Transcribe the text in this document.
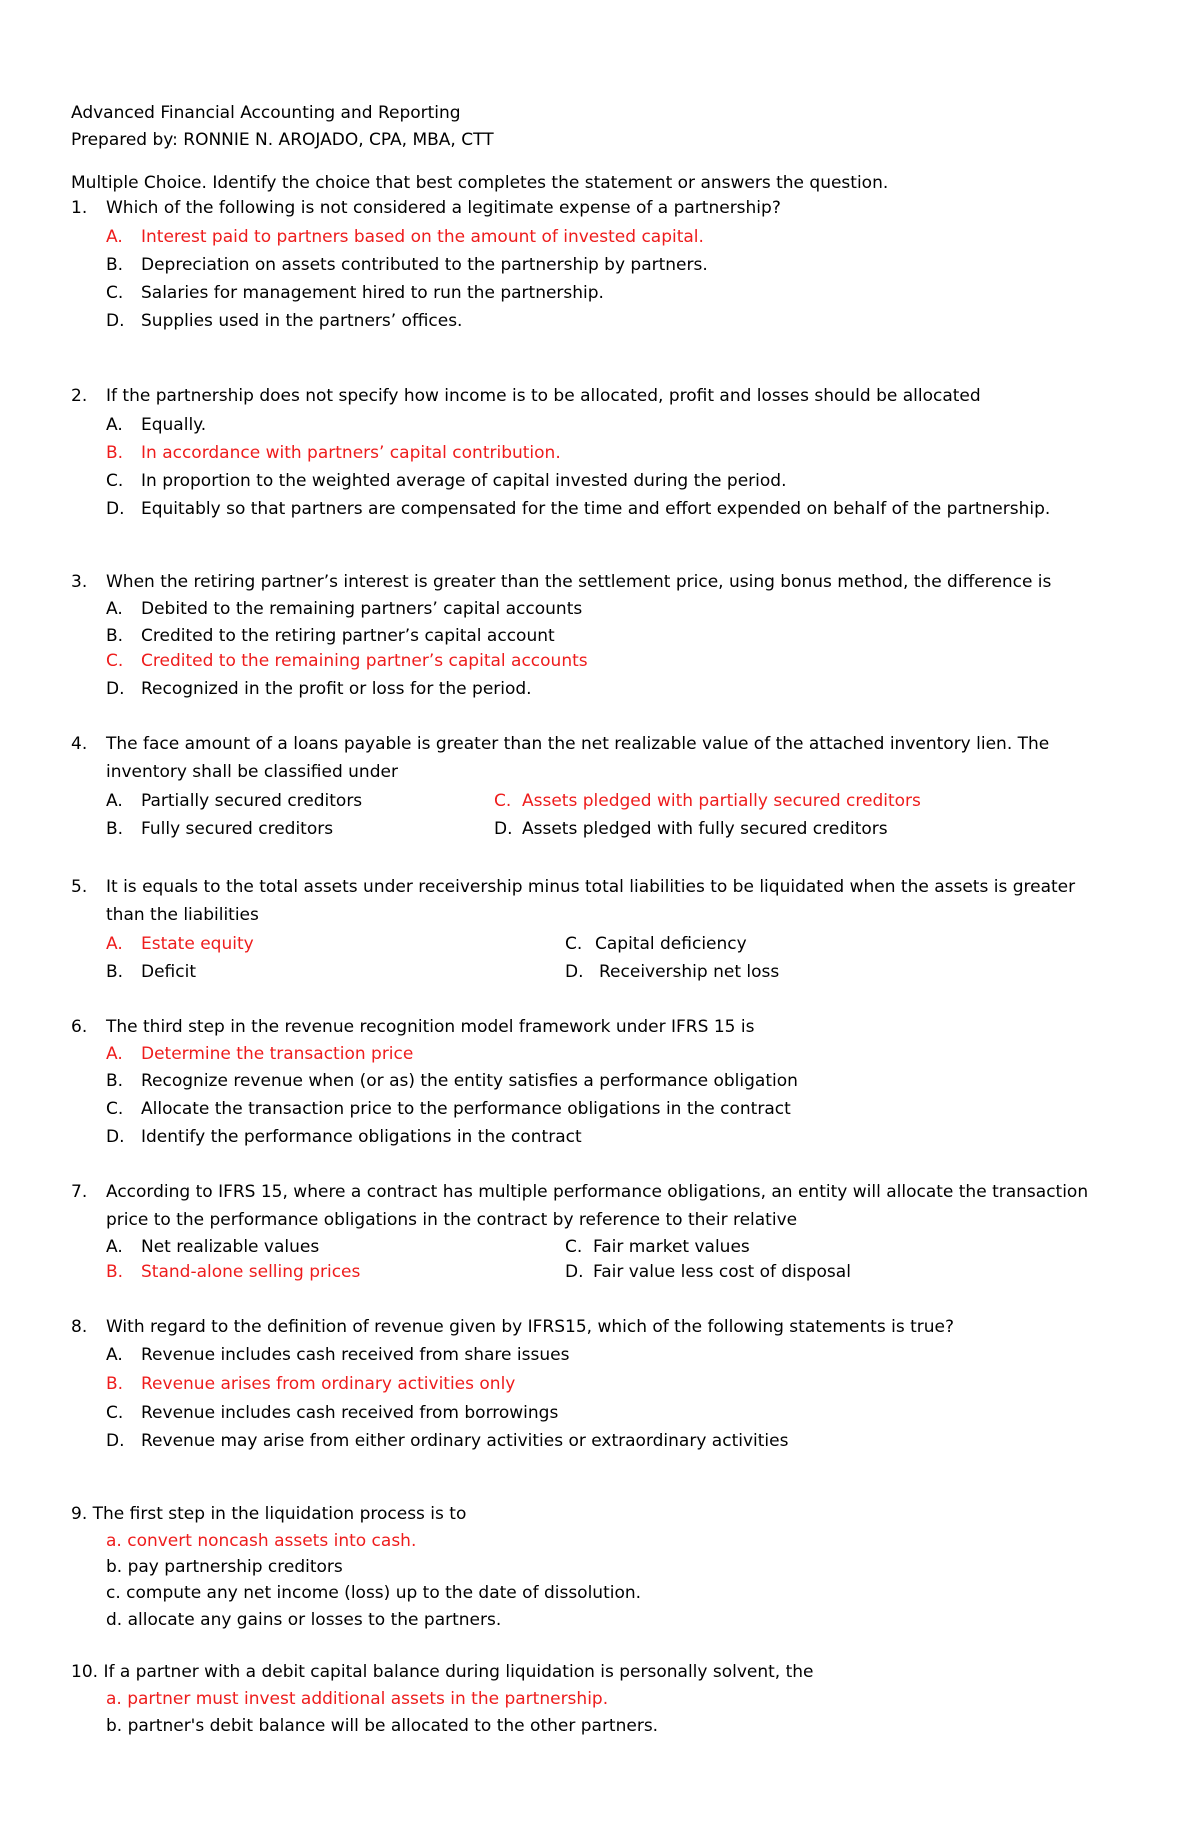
Advanced Financial Accounting and Reporting
Prepared by: RONNIE N. AROJADO, CPA, MBA, CTT
Multiple Choice. Identify the choice that best completes the statement or answers the question.
1. Which of the following is not considered a legitimate expense of a partnership?
A. Interest paid to partners based on the amount of invested capital.
B. Depreciation on assets contributed to the partnership by partners.
C. Salaries for management hired to run the partnership.
D. Supplies used in the partners’ offices.
2. If the partnership does not specify how income is to be allocated, profit and losses should be allocated
A. Equally.
B. In accordance with partners’ capital contribution.
C. In proportion to the weighted average of capital invested during the period.
D. Equitably so that partners are compensated for the time and effort expended on behalf of the partnership.
3. When the retiring partner’s interest is greater than the settlement price, using bonus method, the difference is
A. Debited to the remaining partners’ capital accounts
B. Credited to the retiring partner’s capital account
C. Credited to the remaining partner’s capital accounts
D. Recognized in the profit or loss for the period.
4. The face amount of a loans payable is greater than the net realizable value of the attached inventory lien. The
inventory shall be classified under
A. Partially secured creditors	C. Assets pledged with partially secured creditors
B. Fully secured creditors	D. Assets pledged with fully secured creditors
5. It is equals to the total assets under receivership minus total liabilities to be liquidated when the assets is greater
than the liabilities
A. Estate equity	C. Capital deficiency
B. Deficit	D. Receivership net loss
6. The third step in the revenue recognition model framework under IFRS 15 is
A. Determine the transaction price
B. Recognize revenue when (or as) the entity satisfies a performance obligation
C. Allocate the transaction price to the performance obligations in the contract
D. Identify the performance obligations in the contract
7. According to IFRS 15, where a contract has multiple performance obligations, an entity will allocate the transaction
price to the performance obligations in the contract by reference to their relative
A. Net realizable values	C. Fair market values
B. Stand-alone selling prices	D. Fair value less cost of disposal
8. With regard to the definition of revenue given by IFRS15, which of the following statements is true?
A. Revenue includes cash received from share issues
B. Revenue arises from ordinary activities only
C. Revenue includes cash received from borrowings
D. Revenue may arise from either ordinary activities or extraordinary activities
9. The first step in the liquidation process is to
a. convert noncash assets into cash.
b. pay partnership creditors
c. compute any net income (loss) up to the date of dissolution.
d. allocate any gains or losses to the partners.
10. If a partner with a debit capital balance during liquidation is personally solvent, the
a. partner must invest additional assets in the partnership.
b. partner's debit balance will be allocated to the other partners.
